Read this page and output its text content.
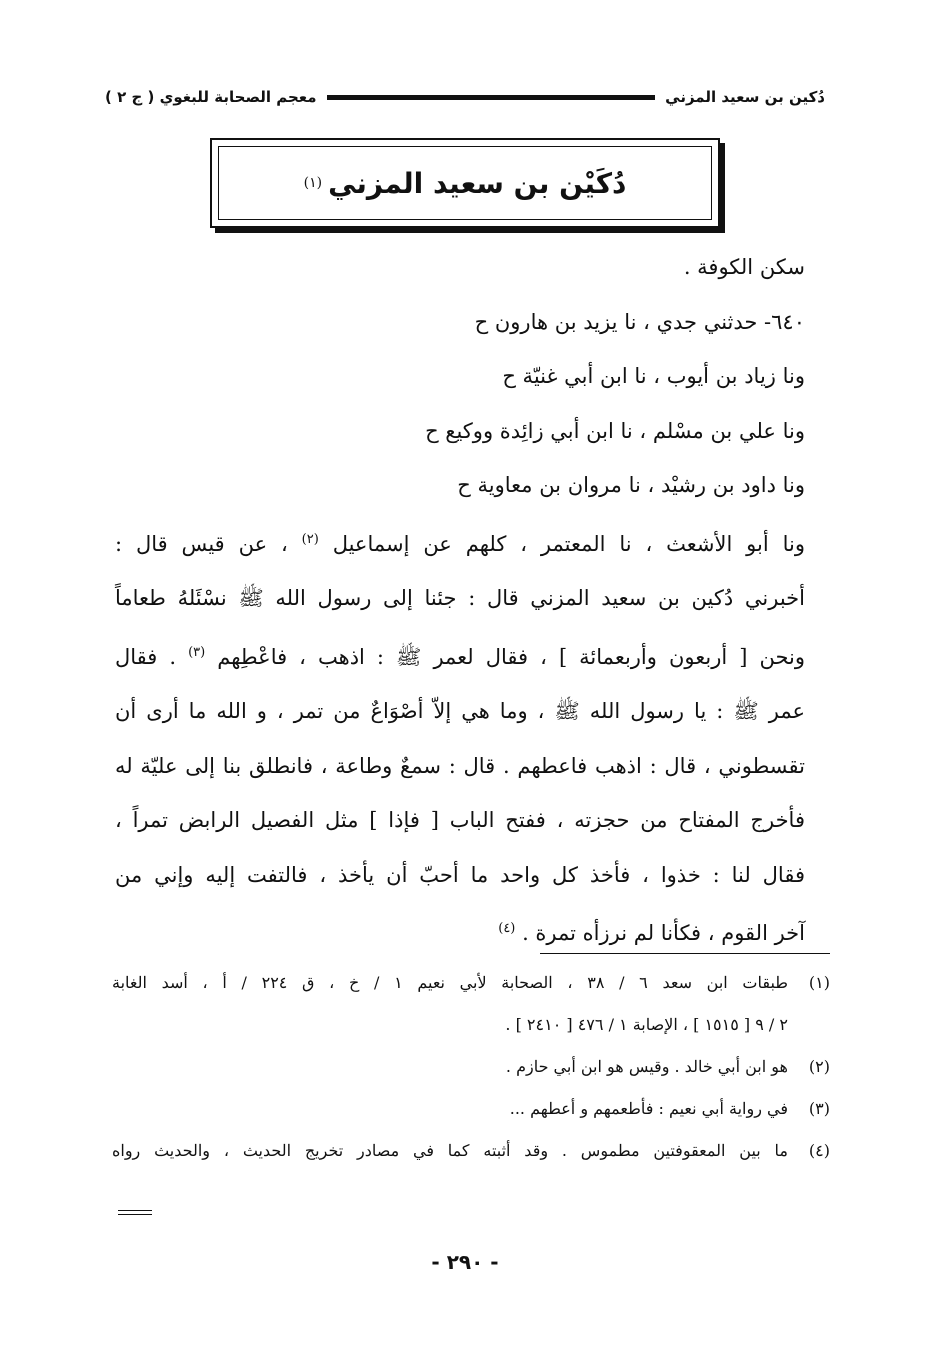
دُكين بن سعيد المزني
معجم الصحابة للبغوي ( ج ٢ )
دُكَيْن بن سعيد المزني
(١)

سكن الكوفة .

٦٤٠- حدثني جدي ، نا يزيد بن هارون ح

ونا زياد بن أيوب ، نا ابن أبي غنيّة ح

ونا علي بن مسْلم ، نا ابن أبي زائِدة ووكيع ح

ونا داود بن رشيْد ، نا مروان بن معاوية ح

ونا أبو الأشعث ، نا المعتمر ، كلهم عن إسماعيل $^{(٢)}$ ، عن قيس قال :

أخبرني دُكين بن سعيد المزني قال : جئنا إلى رسول الله ﷺ نسْئَلهُ طعاماً

ونحن [ أربعون وأربعمائة ] ، فقال لعمر ﷺ : اذهب ، فاعْطِهم $^{(٣)}$ . فقال

عمر ﷺ : يا رسول الله ﷺ ، وما هي إلاّ أصْوَاعٌ من تمر ، و الله ما أرى أن

تقسطوني ، قال : اذهب فاعطهم . قال : سمعٌ وطاعة ، فانطلق بنا إلى عليّة له

فأخرج المفتاح من حجزته ، ففتح الباب [ فإذا ] مثل الفصيل الرابض تمراً ،

فقال لنا : خذوا ، فأخذ كل واحد ما أحبّ أن يأخذ ، فالتفت إليه وإني من

آخر القوم ، فكأنا لم نرزأه تمرة . $^{(٤)}$

(١)
طبقات ابن سعد ٦ / ٣٨ ، الصحابة لأبي نعيم ١ / خ ، ق ٢٢٤ / أ ، أسد الغابة
٢ / ٩ [ ١٥١٥ ] ، الإصابة ١ / ٤٧٦ [ ٢٤١٠ ] .
(٢)
هو ابن أبي خالد . وقيس هو ابن أبي حازم .
(٣)
في رواية أبي نعيم : فأطعمهم و أعطهم ...
(٤)
ما بين المعقوفتين مطموس . وقد أثبته كما في مصادر تخريج الحديث ، والحديث رواه
- ٢٩٠ -
